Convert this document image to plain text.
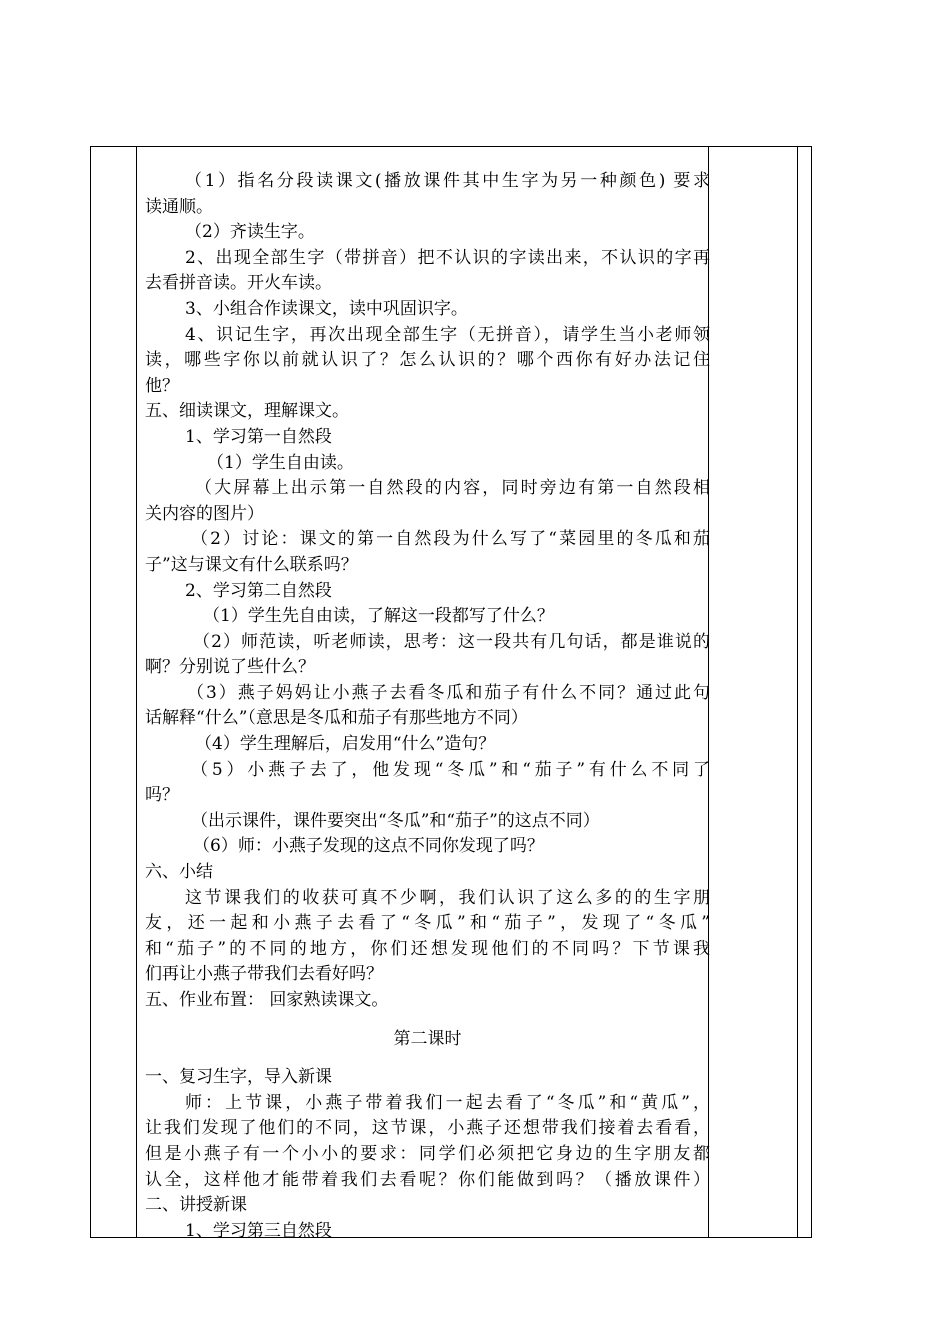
（1）指名分段读课文(播放课件其中生字为另一种颜色) 要求
读通顺。
（2）齐读生字。
2、出现全部生字（带拼音）把不认识的字读出来，不认识的字再
去看拼音读。开火车读。
3、小组合作读课文，读中巩固识字。
4、识记生字，再次出现全部生字（无拼音），请学生当小老师领
读，哪些字你以前就认识了？怎么认识的？哪个西你有好办法记住
他？
五、细读课文，理解课文。
1、学习第一自然段
（1）学生自由读。
（大屏幕上出示第一自然段的内容，同时旁边有第一自然段相
关内容的图片）
（2）讨论：课文的第一自然段为什么写了“菜园里的冬瓜和茄
子”这与课文有什么联系吗？
2、学习第二自然段
（1）学生先自由读，了解这一段都写了什么？
（2）师范读，听老师读，思考：这一段共有几句话，都是谁说的
啊？分别说了些什么？
（3）燕子妈妈让小燕子去看冬瓜和茄子有什么不同？通过此句
话解释“什么”（意思是冬瓜和茄子有那些地方不同）
（4）学生理解后，启发用“什么”造句？
（5）小燕子去了，他发现“冬瓜”和“茄子”有什么不同了
吗？
（出示课件，课件要突出“冬瓜”和“茄子”的这点不同）
（6）师：小燕子发现的这点不同你发现了吗？
六、小结
这节课我们的收获可真不少啊，我们认识了这么多的的生字朋
友，还一起和小燕子去看了“冬瓜”和“茄子”，发现了“冬瓜”
和“茄子”的不同的地方，你们还想发现他们的不同吗？下节课我
们再让小燕子带我们去看好吗？
五、作业布置： 回家熟读课文。
第二课时
一、复习生字，导入新课
师：上节课，小燕子带着我们一起去看了“冬瓜”和“黄瓜”，
让我们发现了他们的不同，这节课，小燕子还想带我们接着去看看，
但是小燕子有一个小小的要求：同学们必须把它身边的生字朋友都
认全，这样他才能带着我们去看呢？你们能做到吗？（播放课件）
二、讲授新课
1、学习第三自然段
